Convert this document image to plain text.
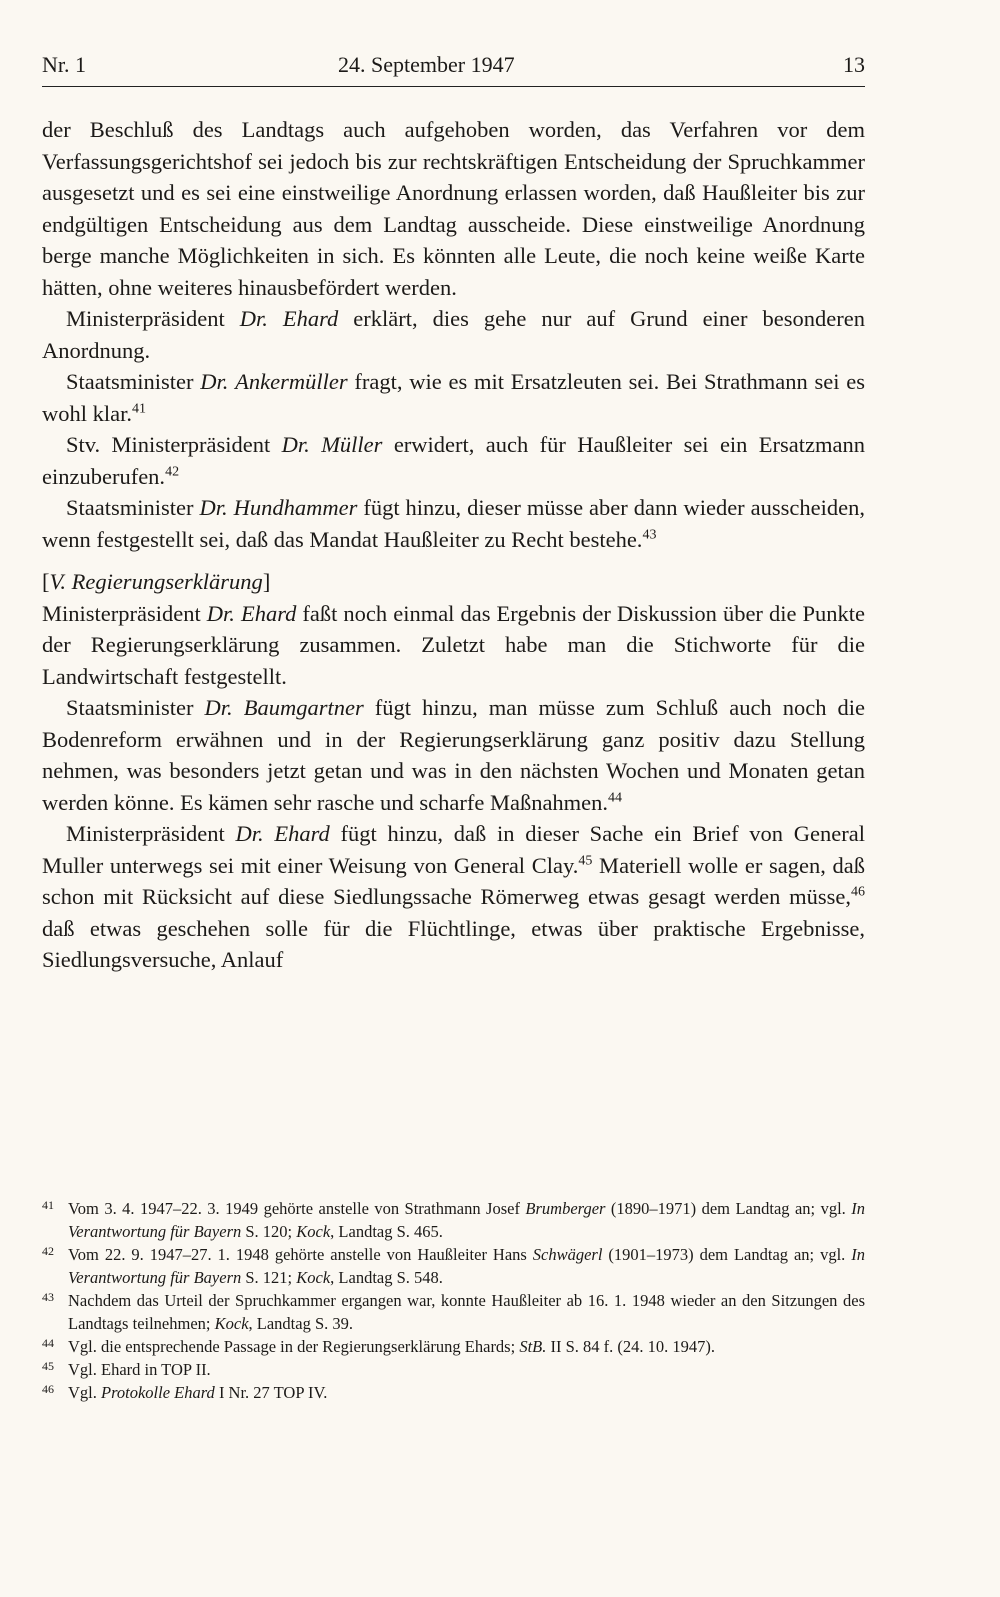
Nr. 1	24. September 1947	13

der Beschluß des Landtags auch aufgehoben worden, das Verfahren vor dem Verfassungsgerichtshof sei jedoch bis zur rechtskräftigen Entscheidung der Spruchkammer ausgesetzt und es sei eine einstweilige Anordnung erlassen worden, daß Haußleiter bis zur endgültigen Entscheidung aus dem Landtag ausscheide. Diese einstweilige Anordnung berge manche Möglichkeiten in sich. Es könnten alle Leute, die noch keine weiße Karte hätten, ohne weiteres hinausbefördert werden.

Ministerpräsident Dr. Ehard erklärt, dies gehe nur auf Grund einer besonderen Anordnung.

Staatsminister Dr. Ankermüller fragt, wie es mit Ersatzleuten sei. Bei Strathmann sei es wohl klar.$^{41}$

Stv. Ministerpräsident Dr. Müller erwidert, auch für Haußleiter sei ein Ersatzmann einzuberufen.$^{42}$

Staatsminister Dr. Hundhammer fügt hinzu, dieser müsse aber dann wieder ausscheiden, wenn festgestellt sei, daß das Mandat Haußleiter zu Recht bestehe.$^{43}$

[V. Regierungserklärung]

Ministerpräsident Dr. Ehard faßt noch einmal das Ergebnis der Diskussion über die Punkte der Regierungserklärung zusammen. Zuletzt habe man die Stichworte für die Landwirtschaft festgestellt.

Staatsminister Dr. Baumgartner fügt hinzu, man müsse zum Schluß auch noch die Bodenreform erwähnen und in der Regierungserklärung ganz positiv dazu Stellung nehmen, was besonders jetzt getan und was in den nächsten Wochen und Monaten getan werden könne. Es kämen sehr rasche und scharfe Maßnahmen.$^{44}$

Ministerpräsident Dr. Ehard fügt hinzu, daß in dieser Sache ein Brief von General Muller unterwegs sei mit einer Weisung von General Clay.$^{45}$ Materiell wolle er sagen, daß schon mit Rücksicht auf diese Siedlungssache Römerweg etwas gesagt werden müsse,$^{46}$ daß etwas geschehen solle für die Flüchtlinge, etwas über praktische Ergebnisse, Siedlungsversuche, Anlauf

41 Vom 3. 4. 1947–22. 3. 1949 gehörte anstelle von Strathmann Josef Brumberger (1890–1971) dem Landtag an; vgl. In Verantwortung für Bayern S. 120; Kock, Landtag S. 465.
42 Vom 22. 9. 1947–27. 1. 1948 gehörte anstelle von Haußleiter Hans Schwägerl (1901–1973) dem Landtag an; vgl. In Verantwortung für Bayern S. 121; Kock, Landtag S. 548.
43 Nachdem das Urteil der Spruchkammer ergangen war, konnte Haußleiter ab 16. 1. 1948 wieder an den Sitzungen des Landtags teilnehmen; Kock, Landtag S. 39.
44 Vgl. die entsprechende Passage in der Regierungserklärung Ehards; StB. II S. 84 f. (24. 10. 1947).
45 Vgl. Ehard in TOP II.
46 Vgl. Protokolle Ehard I Nr. 27 TOP IV.
